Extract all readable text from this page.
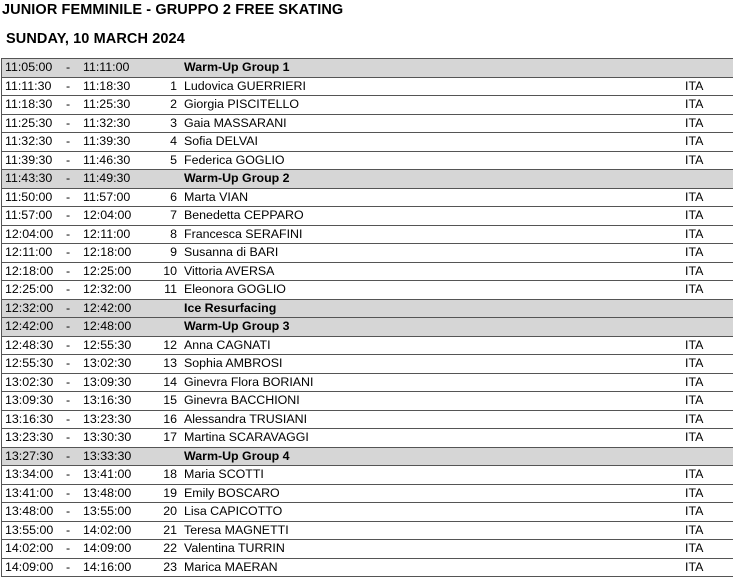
JUNIOR FEMMINILE - GRUPPO 2 FREE SKATING
SUNDAY, 10 MARCH 2024
11:05:00 - 11:11:00	Warm-Up Group 1
11:11:30 - 11:18:30	1 Ludovica GUERRIERI	ITA
11:18:30 - 11:25:30	2 Giorgia PISCITELLO	ITA
11:25:30 - 11:32:30	3 Gaia MASSARANI	ITA
11:32:30 - 11:39:30	4 Sofia DELVAI	ITA
11:39:30 - 11:46:30	5 Federica GOGLIO	ITA
11:43:30 - 11:49:30	Warm-Up Group 2
11:50:00 - 11:57:00	6 Marta VIAN	ITA
11:57:00 - 12:04:00	7 Benedetta CEPPARO	ITA
12:04:00 - 12:11:00	8 Francesca SERAFINI	ITA
12:11:00 - 12:18:00	9 Susanna di BARI	ITA
12:18:00 - 12:25:00	10 Vittoria AVERSA	ITA
12:25:00 - 12:32:00	11 Eleonora GOGLIO	ITA
12:32:00 - 12:42:00	Ice Resurfacing
12:42:00 - 12:48:00	Warm-Up Group 3
12:48:30 - 12:55:30	12 Anna CAGNATI	ITA
12:55:30 - 13:02:30	13 Sophia AMBROSI	ITA
13:02:30 - 13:09:30	14 Ginevra Flora BORIANI	ITA
13:09:30 - 13:16:30	15 Ginevra BACCHIONI	ITA
13:16:30 - 13:23:30	16 Alessandra TRUSIANI	ITA
13:23:30 - 13:30:30	17 Martina SCARAVAGGI	ITA
13:27:30 - 13:33:30	Warm-Up Group 4
13:34:00 - 13:41:00	18 Maria SCOTTI	ITA
13:41:00 - 13:48:00	19 Emily BOSCARO	ITA
13:48:00 - 13:55:00	20 Lisa CAPICOTTO	ITA
13:55:00 - 14:02:00	21 Teresa MAGNETTI	ITA
14:02:00 - 14:09:00	22 Valentina TURRIN	ITA
14:09:00 - 14:16:00	23 Marica MAERAN	ITA
